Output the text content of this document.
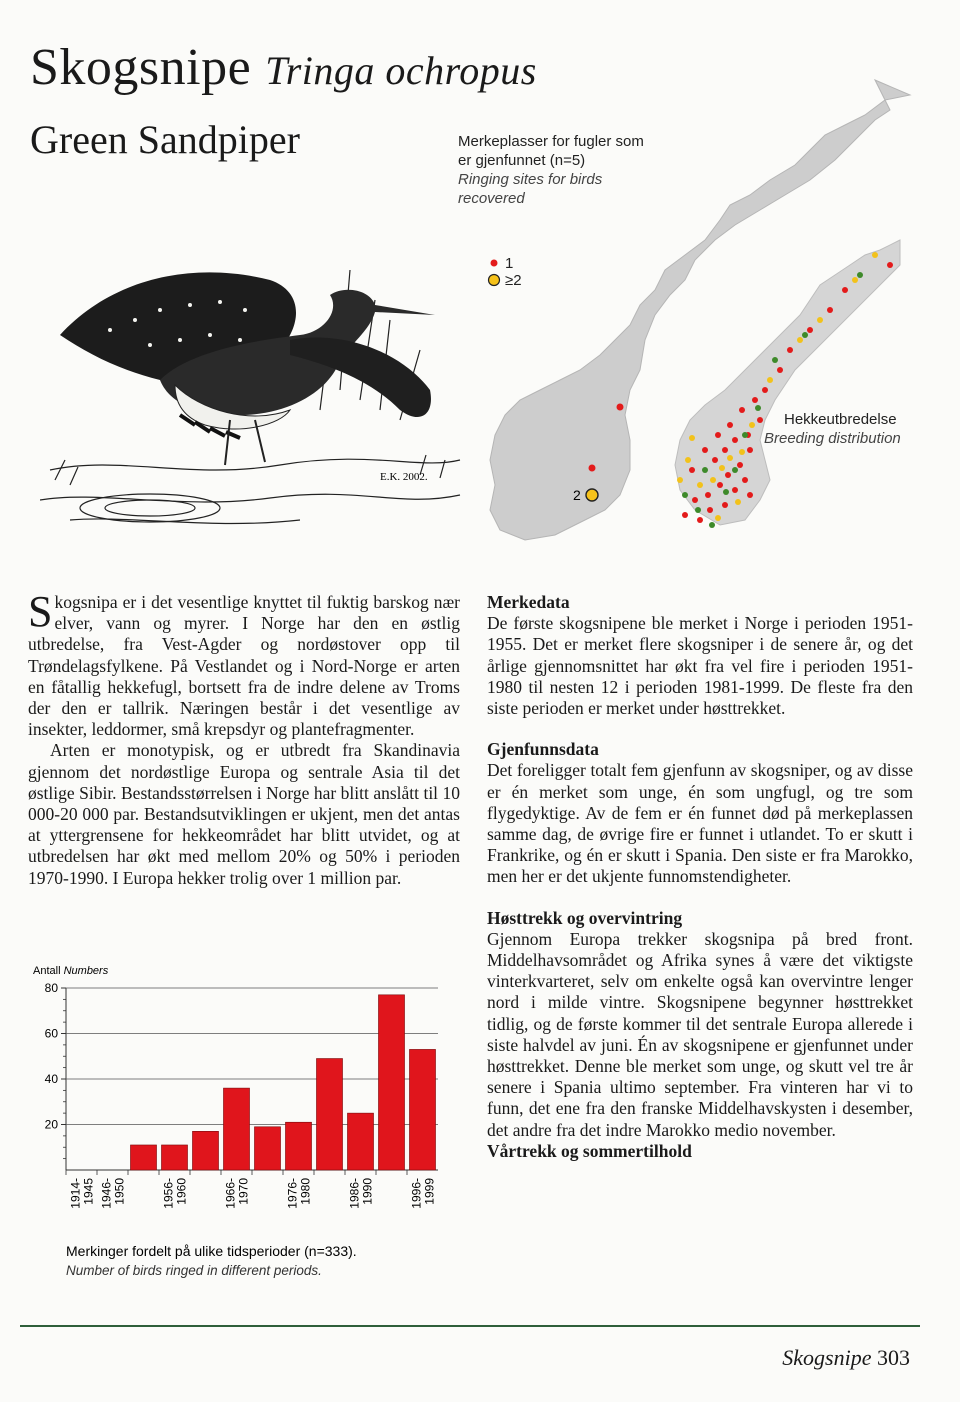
Skogsnipe Tringa ochropus
Green Sandpiper
E.K. 2002.
2
Merkeplasser for fugler som er gjenfunnet (n=5)
Ringing sites for birds recovered
1
≥2
Hekkeutbredelse
Breeding distribution

Skogsnipa er i det vesentlige knyttet til fuktig barskog nær elver, vann og myrer. I Norge har den en østlig utbredelse, fra Vest-Agder og nordøstover opp til Trøndelagsfylkene. På Vestlandet og i Nord-Norge er arten en fåtallig hekkefugl, bortsett fra de indre delene av Troms der den er tallrik. Næringen består i det vesentlige av insekter, leddormer, små krepsdyr og plantefragmenter.

Arten er monotypisk, og er utbredt fra Skandinavia gjennom det nordøstlige Europa og sentrale Asia til det østlige Sibir. Bestandsstørrelsen i Norge har blitt anslått til 10 000-20 000 par. Bestandsutviklingen er ukjent, men det antas at yttergrensene for hekkeområdet har blitt utvidet, og at utbredelsen har økt med mellom 20% og 50% i perioden 1970-1990. I Europa hekker trolig over 1 million par.

Merkedata

De første skogsnipene ble merket i Norge i perioden 1951-1955. Det er merket flere skogsniper i de senere år, og det årlige gjennomsnittet har økt fra vel fire i perioden 1951-1980 til nesten 12 i perioden 1981-1999. De fleste fra den siste perioden er merket under høsttrekket.

Gjenfunnsdata

Det foreligger totalt fem gjenfunn av skogsniper, og av disse er én merket som unge, én som ungfugl, og tre som flygedyktige. Av de fem er én funnet død på merkeplassen samme dag, de øvrige fire er funnet i utlandet. To er skutt i Frankrike, og én er skutt i Spania. Den siste er fra Marokko, men her er det ukjente funnomstendigheter.

Høsttrekk og overvintring

Gjennom Europa trekker skogsnipa på bred front. Middelhavsområdet og Afrika synes å være det viktigste vinterkvarteret, selv om enkelte også kan overvintre lenger nord i milde vintre. Skogsnipene begynner høsttrekket tidlig, og de første kommer til det sentrale Europa allerede i siste halvdel av juni. Én av skogsnipene er gjenfunnet under høsttrekket. Denne ble merket som unge, og skutt vel tre år senere i Spania ultimo september. Fra vinteren har vi to funn, det ene fra den franske Middelhavskysten i desember, det andre fra det indre Marokko medio november.

Vårtrekk og sommertilhold

Antall Numbers
20
40
60
80
1914- 1945 1946- 1950	1956- 1960	1966- 1970	1976- 1980	1986- 1990	1996- 1999
Merkinger fordelt på ulike tidsperioder (n=333).
Number of birds ringed in different periods.
Skogsnipe 303
